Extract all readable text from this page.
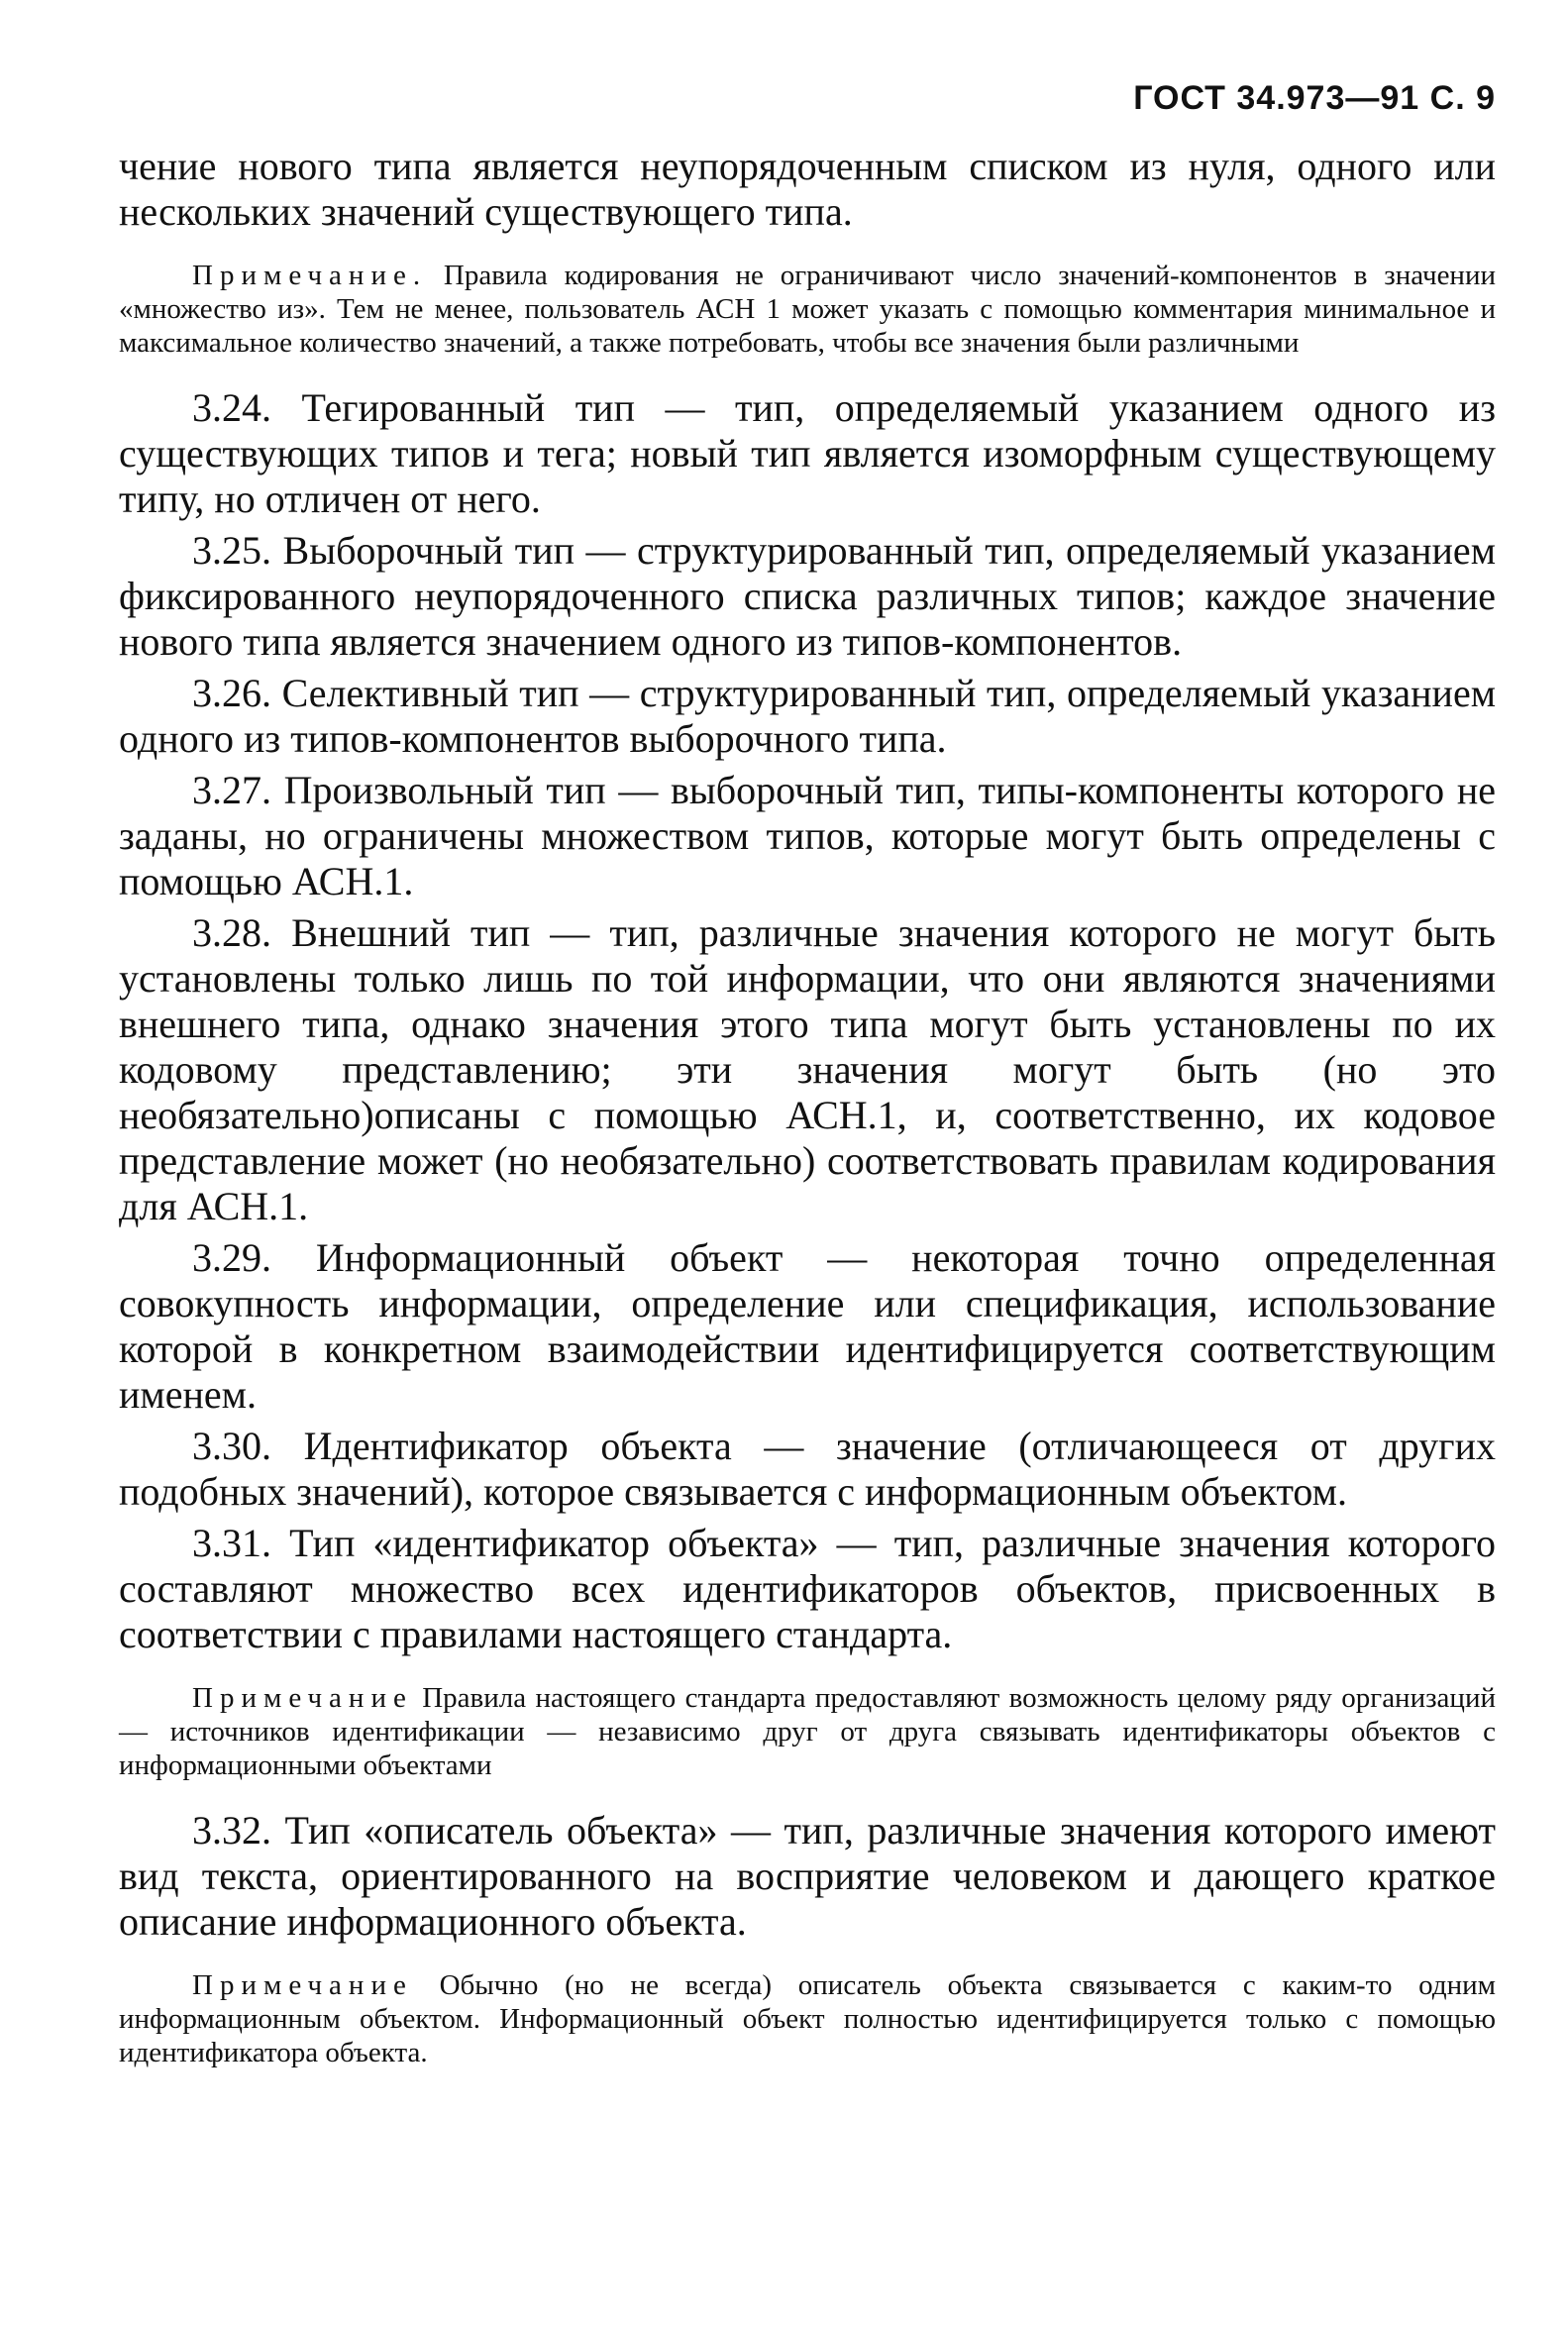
ГОСТ 34.973—91 С. 9

чение нового типа является неупорядоченным списком из нуля, одного или нескольких значений существующего типа.

Примечание. Правила кодирования не ограничивают число значений-компонентов в значении «множество из». Тем не менее, пользователь АСН 1 может указать с помощью комментария минимальное и максимальное количество значений, а также потребовать, чтобы все значения были различными

3.24. Тегированный тип — тип, определяемый указанием одного из существующих типов и тега; новый тип является изоморфным существующему типу, но отличен от него.

3.25. Выборочный тип — структурированный тип, определяемый указанием фиксированного неупорядоченного списка различных типов; каждое значение нового типа является значением одного из типов-компонентов.

3.26. Селективный тип — структурированный тип, определяемый указанием одного из типов-компонентов выборочного типа.

3.27. Произвольный тип — выборочный тип, типы-компоненты которого не заданы, но ограничены множеством типов, которые могут быть определены с помощью АСН.1.

3.28. Внешний тип — тип, различные значения которого не могут быть установлены только лишь по той информации, что они являются значениями внешнего типа, однако значения этого типа могут быть установлены по их кодовому представлению; эти значения могут быть (но это необязательно)описаны с помощью АСН.1, и, соответственно, их кодовое представление может (но необязательно) соответствовать правилам кодирования для АСН.1.

3.29. Информационный объект — некоторая точно определенная совокупность информации, определение или спецификация, использование которой в конкретном взаимодействии идентифицируется соответствующим именем.

3.30. Идентификатор объекта — значение (отличающееся от других подобных значений), которое связывается с информационным объектом.

3.31. Тип «идентификатор объекта» — тип, различные значения которого составляют множество всех идентификаторов объектов, присвоенных в соответствии с правилами настоящего стандарта.

Примечание Правила настоящего стандарта предоставляют возможность целому ряду организаций — источников идентификации — независимо друг от друга связывать идентификаторы объектов с информационными объектами

3.32. Тип «описатель объекта» — тип, различные значения которого имеют вид текста, ориентированного на восприятие человеком и дающего краткое описание информационного объекта.

Примечание Обычно (но не всегда) описатель объекта связывается с каким-то одним информационным объектом. Информационный объект полностью идентифицируется только с помощью идентификатора объекта.
